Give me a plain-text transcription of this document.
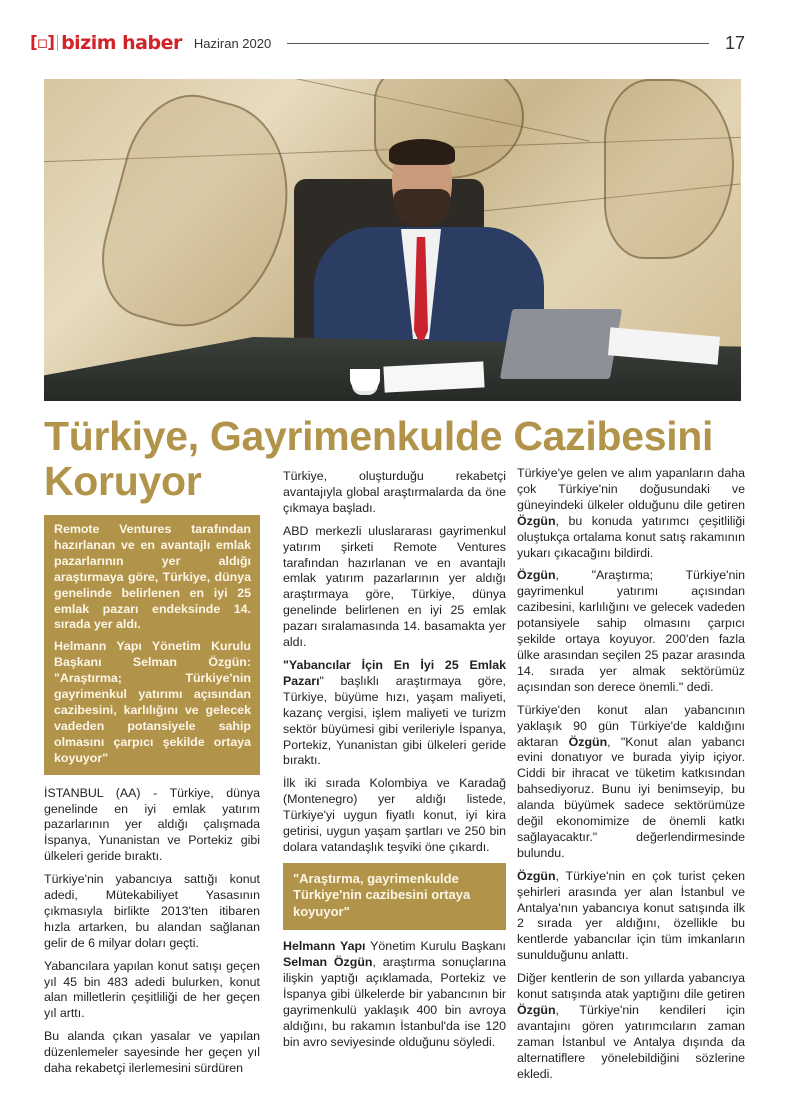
[▫] bizim haber Haziran 2020	17
Türkiye, Gayrimenkulde Cazibesini
Koruyor

Remote Ventures tarafından hazırlanan ve en avantajlı emlak pazarlarının yer aldığı araştırmaya göre, Türkiye, dünya genelinde belirlenen en iyi 25 emlak pazarı endeksinde 14. sırada yer aldı.

Helmann Yapı Yönetim Kurulu Başkanı Selman Özgün: "Araştırma; Türkiye'nin gayrimenkul yatırımı açısından cazibesini, karlılığını ve gelecek vadeden potansiyele sahip olmasını çarpıcı şekilde ortaya koyuyor"

İSTANBUL (AA) - Türkiye, dünya genelinde en iyi emlak yatırım pazarlarının yer aldığı çalışmada İspanya, Yunanistan ve Portekiz gibi ülkeleri geride bıraktı.

Türkiye'nin yabancıya sattığı konut adedi, Mütekabiliyet Yasasının çıkmasıyla birlikte 2013'ten itibaren hızla artarken, bu alandan sağlanan gelir de 6 milyar doları geçti.

Yabancılara yapılan konut satışı geçen yıl 45 bin 483 adedi bulurken, konut alan milletlerin çeşitliliği de her geçen yıl arttı.

Bu alanda çıkan yasalar ve yapılan düzenlemeler sayesinde her geçen yıl daha rekabetçi ilerlemesini sürdüren

Türkiye, oluşturduğu rekabetçi avantajıyla global araştırmalarda da öne çıkmaya başladı.

ABD merkezli uluslararası gayrimenkul yatırım şirketi Remote Ventures tarafından hazırlanan ve en avantajlı emlak yatırım pazarlarının yer aldığı araştırmaya göre, Türkiye, dünya genelinde belirlenen en iyi 25 emlak pazarı sıralamasında 14. basamakta yer aldı.

"Yabancılar İçin En İyi 25 Emlak Pazarı" başlıklı araştırmaya göre, Türkiye, büyüme hızı, yaşam maliyeti, kazanç vergisi, işlem maliyeti ve turizm sektör büyümesi gibi verileriyle İspanya, Portekiz, Yunanistan gibi ülkeleri geride bıraktı.

İlk iki sırada Kolombiya ve Karadağ (Montenegro) yer aldığı listede, Türkiye'yi uygun fiyatlı konut, iyi kira getirisi, uygun yaşam şartları ve 250 bin dolara vatandaşlık teşviki öne çıkardı.

"Araştırma, gayrimenkulde Türkiye'nin cazibesini ortaya koyuyor"

Helmann Yapı Yönetim Kurulu Başkanı Selman Özgün, araştırma sonuçlarına ilişkin yaptığı açıklamada, Portekiz ve İspanya gibi ülkelerde bir yabancının bir gayrimenkulü yaklaşık 400 bin avroya aldığını, bu rakamın İstanbul'da ise 120 bin avro seviyesinde olduğunu söyledi.

Türkiye'ye gelen ve alım yapanların daha çok Türkiye'nin doğusundaki ve güneyindeki ülkeler olduğunu dile getiren Özgün, bu konuda yatırımcı çeşitliliği oluştukça ortalama konut satış rakamının yukarı çıkacağını bildirdi.

Özgün, "Araştırma; Türkiye'nin gayrimenkul yatırımı açısından cazibesini, karlılığını ve gelecek vadeden potansiyele sahip olmasını çarpıcı şekilde ortaya koyuyor. 200'den fazla ülke arasından seçilen 25 pazar arasında 14. sırada yer almak sektörümüz açısından son derece önemli." dedi.

Türkiye'den konut alan yabancının yaklaşık 90 gün Türkiye'de kaldığını aktaran Özgün, "Konut alan yabancı evini donatıyor ve burada yiyip içiyor. Ciddi bir ihracat ve tüketim katkısından bahsediyoruz. Bunu iyi benimseyip, bu alanda büyümek sadece sektörümüze değil ekonomimize de önemli katkı sağlayacaktır." değerlendirmesinde bulundu.

Özgün, Türkiye'nin en çok turist çeken şehirleri arasında yer alan İstanbul ve Antalya'nın yabancıya konut satışında ilk 2 sırada yer aldığını, özellikle bu kentlerde yabancılar için tüm imkanların sunulduğunu anlattı.

Diğer kentlerin de son yıllarda yabancıya konut satışında atak yaptığını dile getiren Özgün, Türkiye'nin kendileri için avantajını gören yatırımcıların zaman zaman İstanbul ve Antalya dışında da alternatiflere yönelebildiğini sözlerine ekledi.
